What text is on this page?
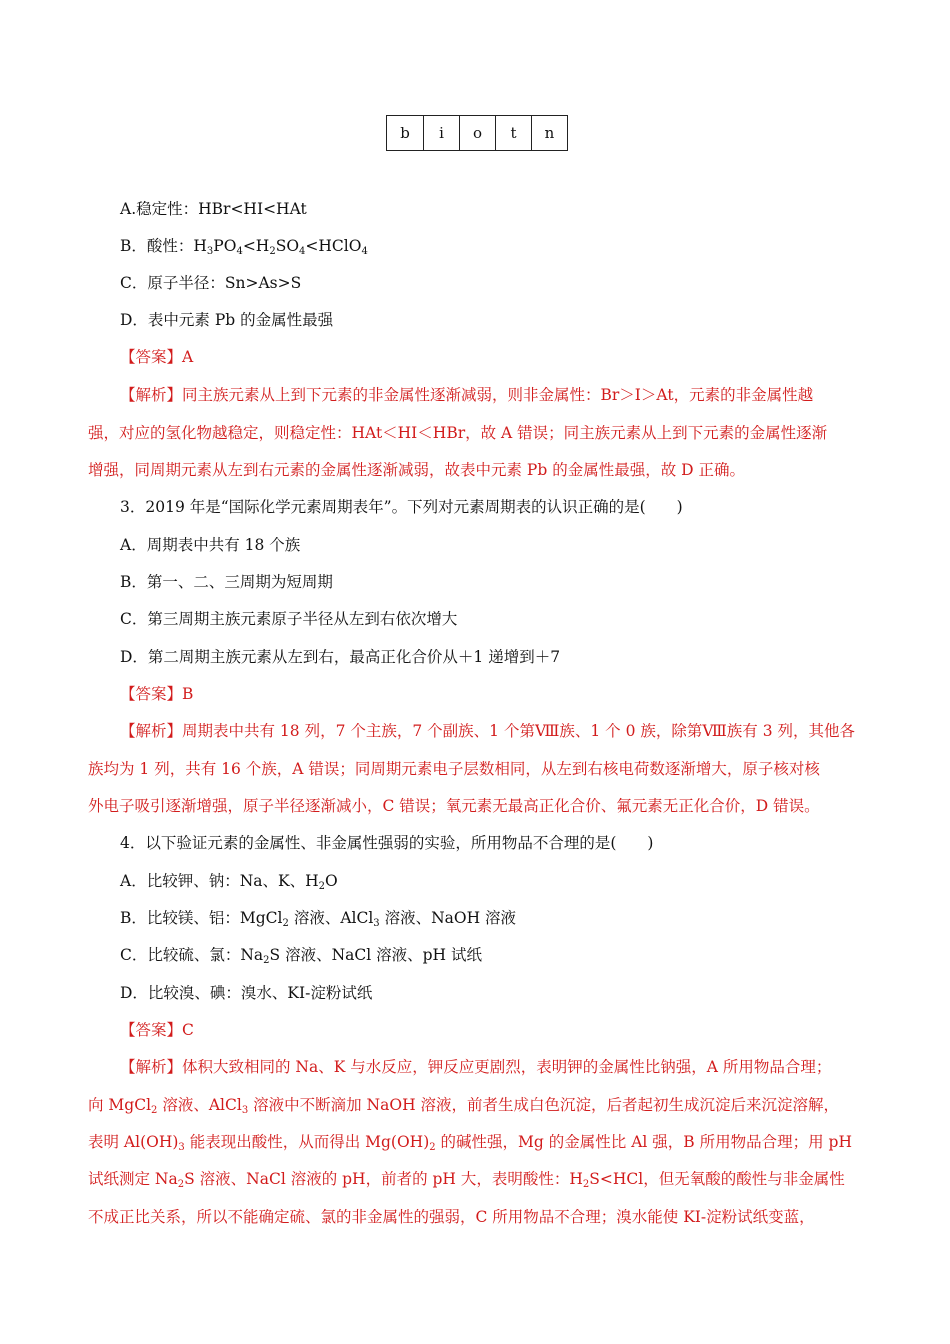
b	i	o	t	n
A.稳定性：HBr<HI<HAt
B．酸性：$H_3PO_4<H_2SO_4<HClO_4$
C．原子半径：Sn>As>S
D．表中元素 Pb 的金属性最强
【答案】A
【解析】同主族元素从上到下元素的非金属性逐渐减弱，则非金属性：Br＞I＞At，元素的非金属性越
强，对应的氢化物越稳定，则稳定性：HAt＜HI＜HBr，故 A 错误；同主族元素从上到下元素的金属性逐渐
增强，同周期元素从左到右元素的金属性逐渐减弱，故表中元素 Pb 的金属性最强，故 D 正确。
3．2019 年是“国际化学元素周期表年”。下列对元素周期表的认识正确的是(　　)
A．周期表中共有 18 个族
B．第一、二、三周期为短周期
C．第三周期主族元素原子半径从左到右依次增大
D．第二周期主族元素从左到右，最高正化合价从＋1 递增到＋7
【答案】B
【解析】周期表中共有 18 列，7 个主族，7 个副族、1 个第Ⅷ族、1 个 0 族，除第Ⅷ族有 3 列，其他各
族均为 1 列，共有 16 个族，A 错误；同周期元素电子层数相同，从左到右核电荷数逐渐增大，原子核对核
外电子吸引逐渐增强，原子半径逐渐减小，C 错误；氧元素无最高正化合价、氟元素无正化合价，D 错误。
4．以下验证元素的金属性、非金属性强弱的实验，所用物品不合理的是(　　)
A．比较钾、钠：Na、K、$H_2O$
B．比较镁、铝：MgCl$_2$ 溶液、AlCl$_3$ 溶液、NaOH 溶液
C．比较硫、氯：$Na_2S$ 溶液、NaCl 溶液、pH 试纸
D．比较溴、碘：溴水、KI-淀粉试纸
【答案】C
【解析】体积大致相同的 Na、K 与水反应，钾反应更剧烈，表明钾的金属性比钠强，A 所用物品合理；
向 MgCl$_2$ 溶液、AlCl$_3$ 溶液中不断滴加 NaOH 溶液，前者生成白色沉淀，后者起初生成沉淀后来沉淀溶解，
表明 $Al(OH)_3$ 能表现出酸性，从而得出 $Mg(OH)_2$ 的碱性强，Mg 的金属性比 Al 强，B 所用物品合理；用 pH
试纸测定 $Na_2S$ 溶液、NaCl 溶液的 pH，前者的 pH 大，表明酸性：$H_2S<HCl$，但无氧酸的酸性与非金属性
不成正比关系，所以不能确定硫、氯的非金属性的强弱，C 所用物品不合理；溴水能使 KI-淀粉试纸变蓝，
